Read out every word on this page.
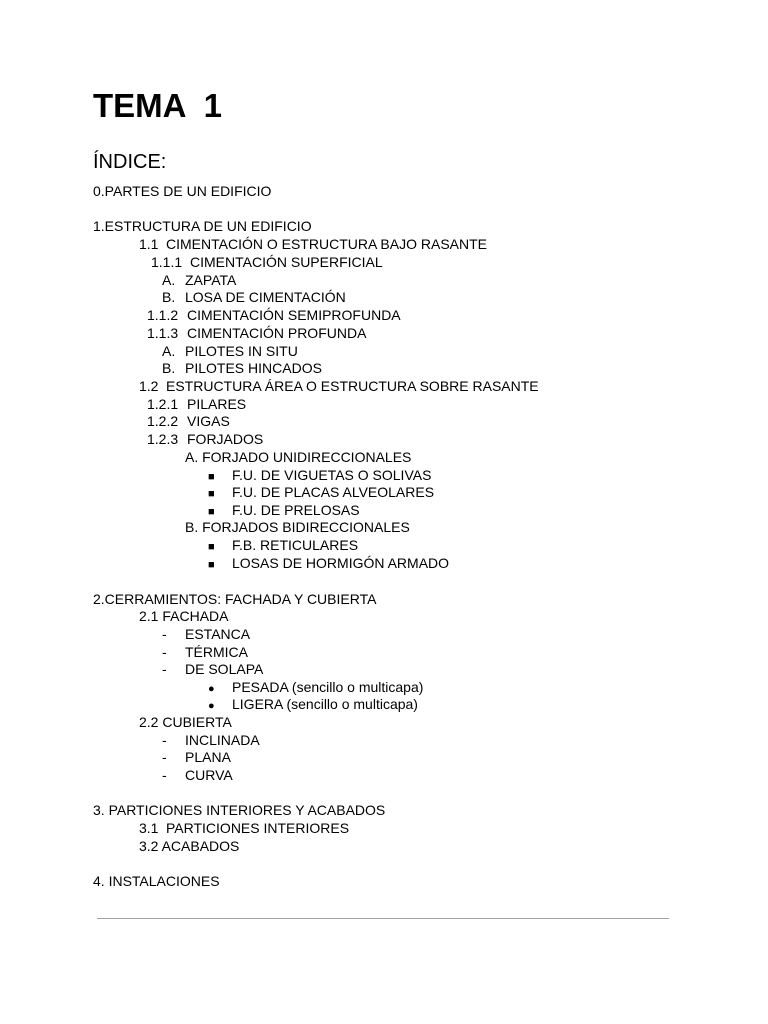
TEMA  1
ÍNDICE:
0.PARTES DE UN EDIFICIO
1.ESTRUCTURA DE UN EDIFICIO
1.1 CIMENTACIÓN O ESTRUCTURA BAJO RASANTE
1.1.1 CIMENTACIÓN SUPERFICIAL
A. ZAPATA
B. LOSA DE CIMENTACIÓN
1.1.2 CIMENTACIÓN SEMIPROFUNDA
1.1.3 CIMENTACIÓN PROFUNDA
A. PILOTES IN SITU
B. PILOTES HINCADOS
1.2 ESTRUCTURA ÁREA O ESTRUCTURA SOBRE RASANTE
1.2.1 PILARES
1.2.2 VIGAS
1.2.3 FORJADOS
A. FORJADO UNIDIRECCIONALES
■ F.U. DE VIGUETAS O SOLIVAS
■ F.U. DE PLACAS ALVEOLARES
■ F.U. DE PRELOSAS
B. FORJADOS BIDIRECCIONALES
■ F.B. RETICULARES
■ LOSAS DE HORMIGÓN ARMADO
2.CERRAMIENTOS: FACHADA Y CUBIERTA
2.1 FACHADA
- ESTANCA
- TÉRMICA
- DE SOLAPA
● PESADA (sencillo o multicapa)
● LIGERA (sencillo o multicapa)
2.2 CUBIERTA
- INCLINADA
- PLANA
- CURVA
3. PARTICIONES INTERIORES Y ACABADOS
3.1 PARTICIONES INTERIORES
3.2 ACABADOS
4. INSTALACIONES
